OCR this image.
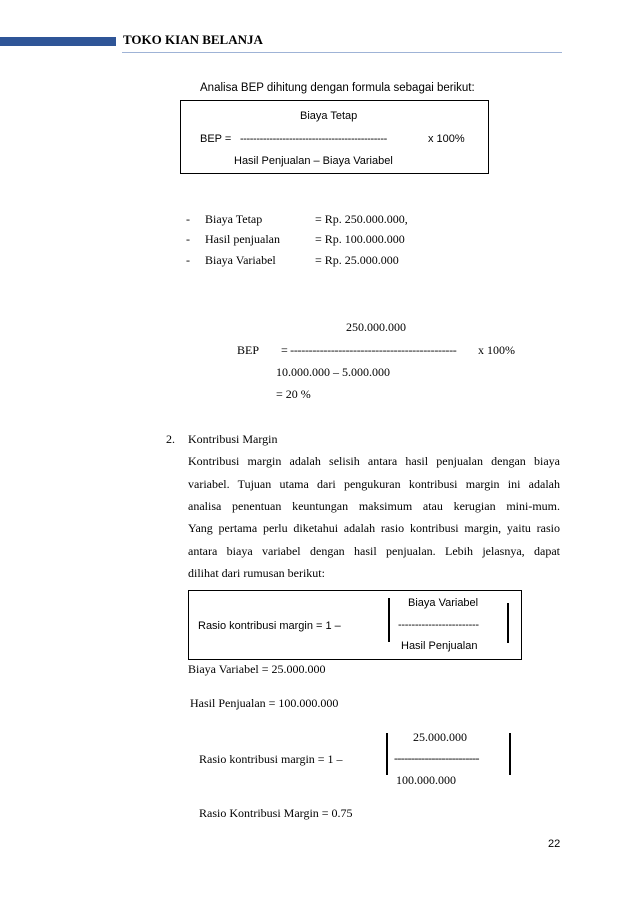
TOKO KIAN BELANJA
Analisa BEP dihitung dengan formula sebagai berikut:
Biaya Tetap
BEP = ---------------------------------------------	x 100%
Hasil Penjualan – Biaya Variabel
- Biaya Tetap	= Rp. 250.000.000,
- Hasil penjualan	= Rp. 100.000.000
- Biaya Variabel	= Rp. 25.000.000
250.000.000
BEP = --------------------------------------------- x 100%
10.000.000 – 5.000.000
= 20 %
2. Kontribusi Margin
Kontribusi margin adalah selisih antara hasil penjualan dengan biaya
variabel. Tujuan utama dari pengukuran kontribusi margin ini adalah
analisa penentuan keuntungan maksimum atau kerugian mini-mum.
Yang pertama perlu diketahui adalah rasio kontribusi margin, yaitu rasio
antara biaya variabel dengan hasil penjualan. Lebih jelasnya, dapat
dilihat dari rumusan berikut:
Biaya Variabel
Rasio kontribusi margin = 1 –	------------------------
Hasil Penjualan
Biaya Variabel = 25.000.000
Hasil Penjualan = 100.000.000
25.000.000
Rasio kontribusi margin = 1 –	-------------------------
100.000.000
Rasio Kontribusi Margin = 0.75
22
